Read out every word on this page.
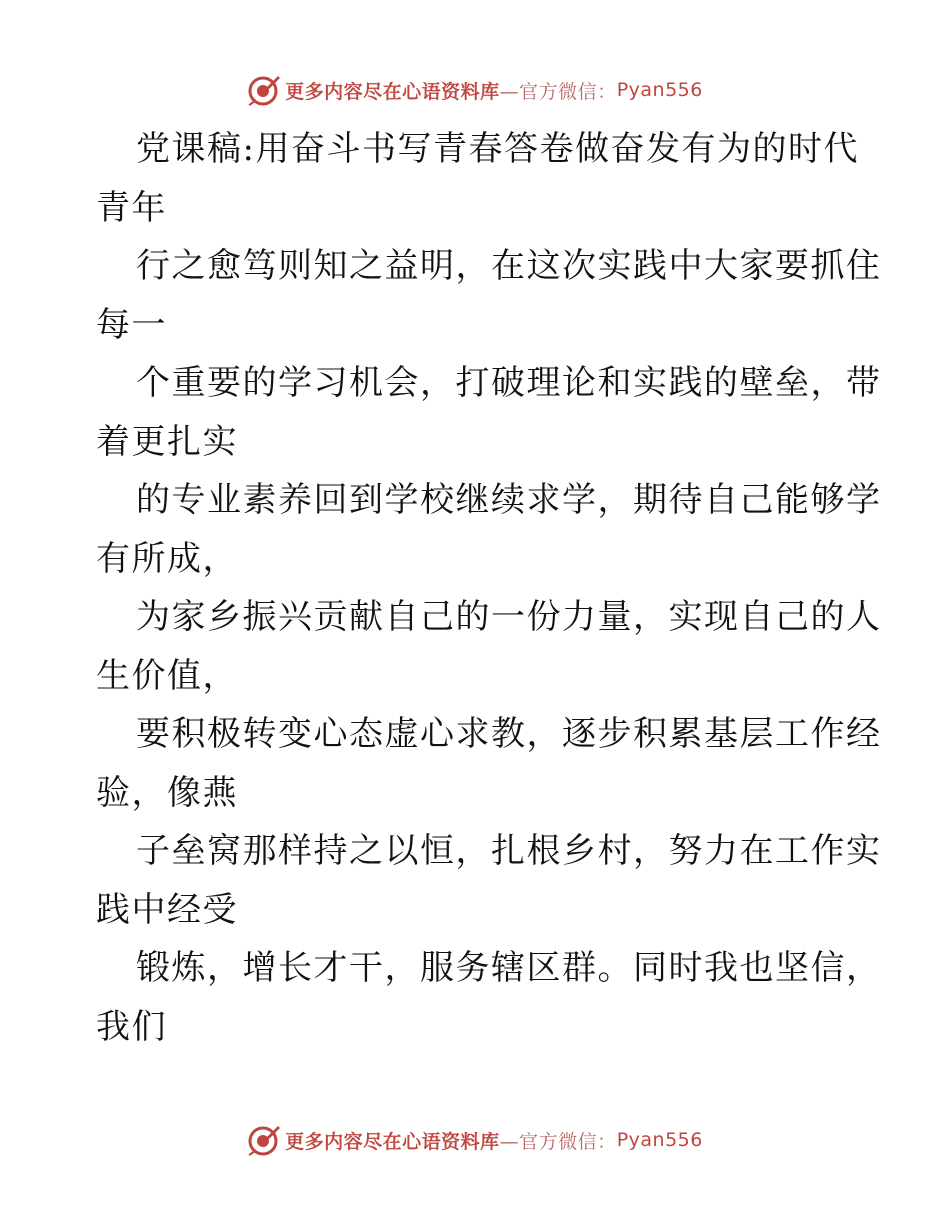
更多内容尽在心语资料库 —官方微信： Pyan556
党课稿:用奋斗书写青春答卷做奋发有为的时代
青年
行之愈笃则知之益明，在这次实践中大家要抓住
每一
个重要的学习机会，打破理论和实践的壁垒，带
着更扎实
的专业素养回到学校继续求学，期待自己能够学
有所成，
为家乡振兴贡献自己的一份力量，实现自己的人
生价值，
要积极转变心态虚心求教，逐步积累基层工作经
验，像燕
子垒窝那样持之以恒，扎根乡村，努力在工作实
践中经受
锻炼，增长才干，服务辖区群。同时我也坚信，
我们
更多内容尽在心语资料库 —官方微信： Pyan556
